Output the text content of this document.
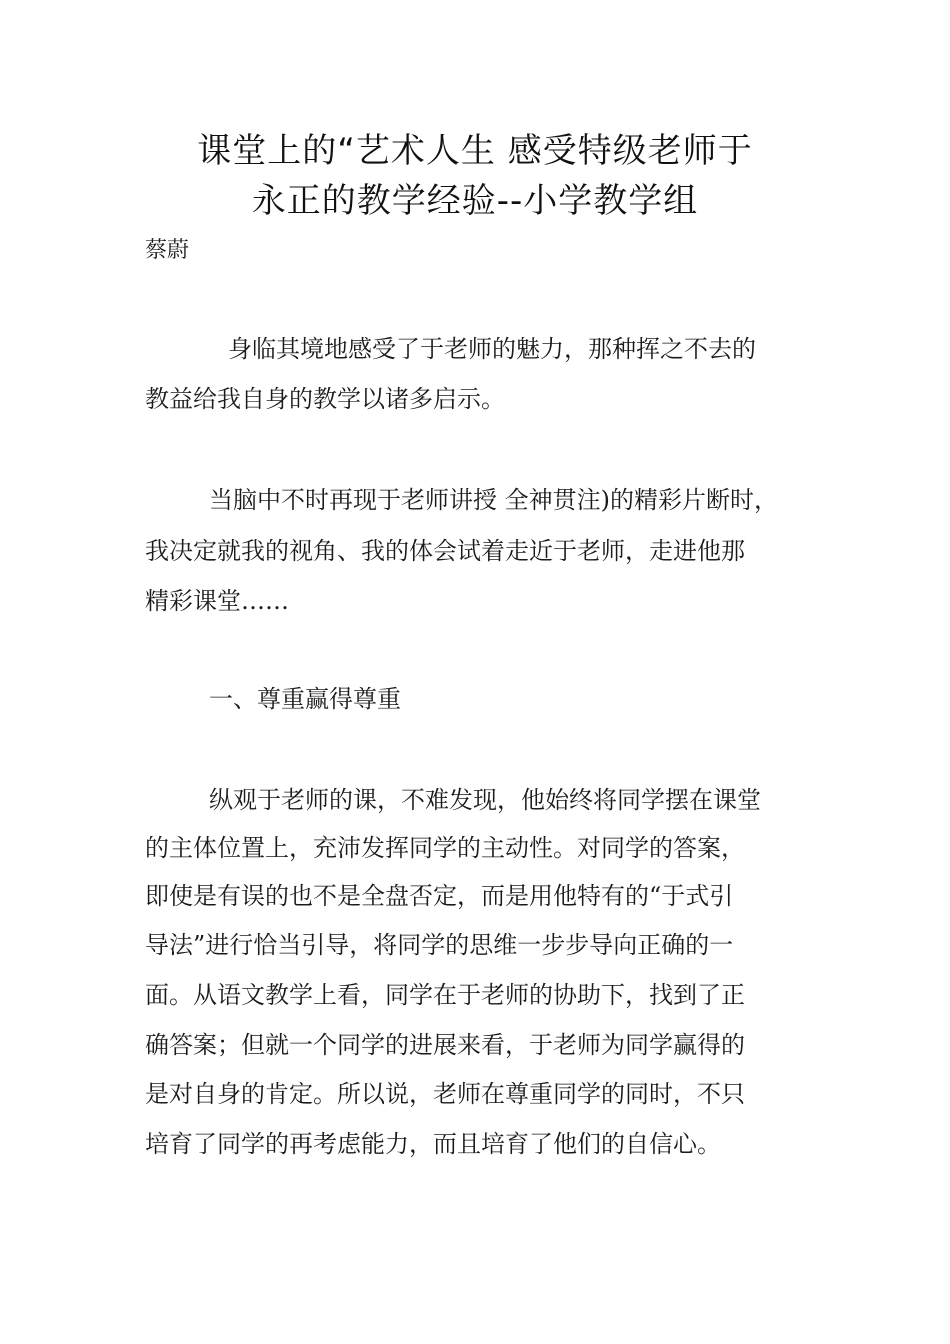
课堂上的“艺术人生 感受特级老师于
永正的教学经验--小学教学组
蔡蔚
身临其境地感受了于老师的魅力，那种挥之不去的
教益给我自身的教学以诸多启示。
当脑中不时再现于老师讲授 全神贯注)的精彩片断时，
我决定就我的视角、我的体会试着走近于老师，走进他那
精彩课堂……
一、尊重赢得尊重
纵观于老师的课，不难发现，他始终将同学摆在课堂
的主体位置上，充沛发挥同学的主动性。对同学的答案，
即使是有误的也不是全盘否定，而是用他特有的“于式引
导法”进行恰当引导，将同学的思维一步步导向正确的一
面。从语文教学上看，同学在于老师的协助下，找到了正
确答案；但就一个同学的进展来看，于老师为同学赢得的
是对自身的肯定。所以说，老师在尊重同学的同时，不只
培育了同学的再考虑能力，而且培育了他们的自信心。
